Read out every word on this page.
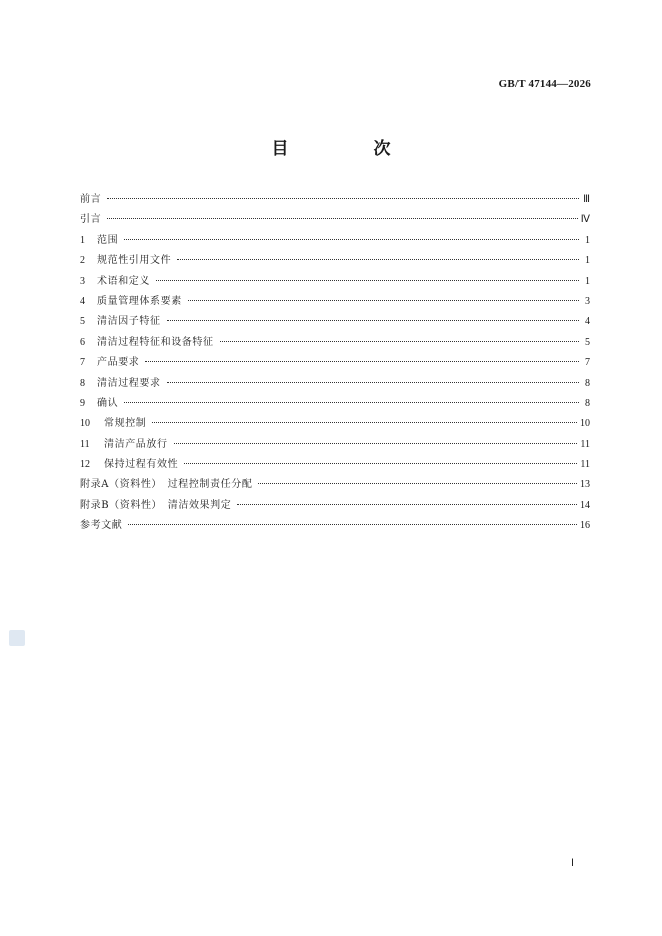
GB/T 47144—2026
目　次
前言	Ⅲ
引言	Ⅳ
1	范围	1
2	规范性引用文件	1
3	术语和定义	1
4	质量管理体系要素	3
5	清洁因子特征	4
6	清洁过程特征和设备特征	5
7	产品要求	7
8	清洁过程要求	8
9	确认	8
10	常规控制	10
11	清洁产品放行	11
12	保持过程有效性	11
附录A（资料性）　过程控制责任分配	13
附录B（资料性）　清洁效果判定	14
参考文献	16
Ⅰ
